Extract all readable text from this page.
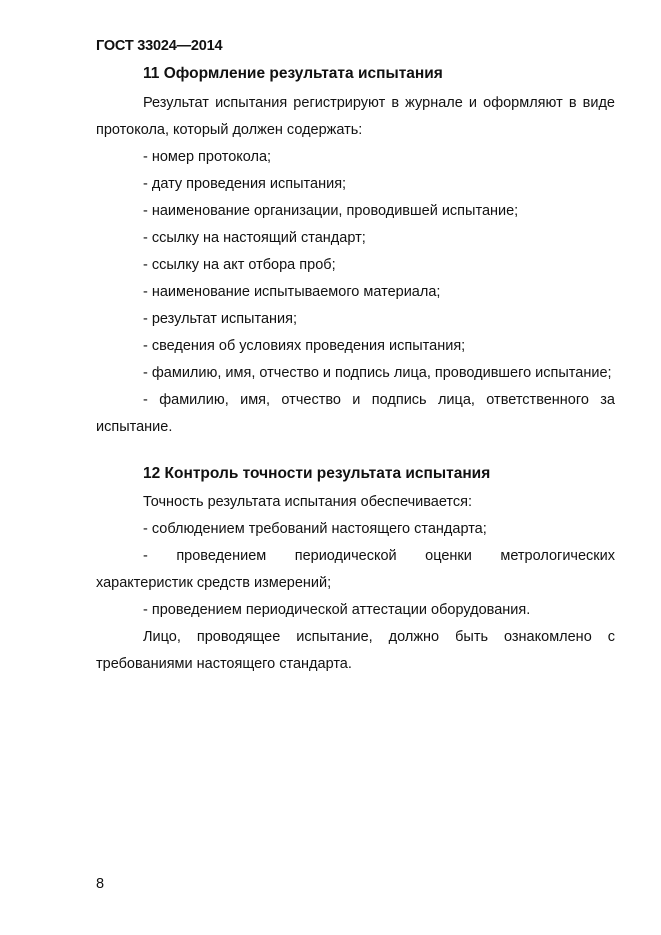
ГОСТ 33024—2014
11 Оформление результата испытания

Результат испытания регистрируют в журнале и оформляют в виде протокола, который должен содержать:

- номер протокола;

- дату проведения испытания;

- наименование организации, проводившей испытание;

- ссылку на настоящий стандарт;

- ссылку на акт отбора проб;

- наименование испытываемого материала;

- результат испытания;

- сведения об условиях проведения испытания;

- фамилию, имя, отчество и подпись лица, проводившего испытание;

- фамилию, имя, отчество и подпись лица, ответственного за испытание.

12 Контроль точности результата испытания

Точность результата испытания обеспечивается:

- соблюдением требований настоящего стандарта;

- проведением периодической оценки метрологических характеристик средств измерений;

- проведением периодической аттестации оборудования.

Лицо, проводящее испытание, должно быть ознакомлено с требованиями настоящего стандарта.

8
